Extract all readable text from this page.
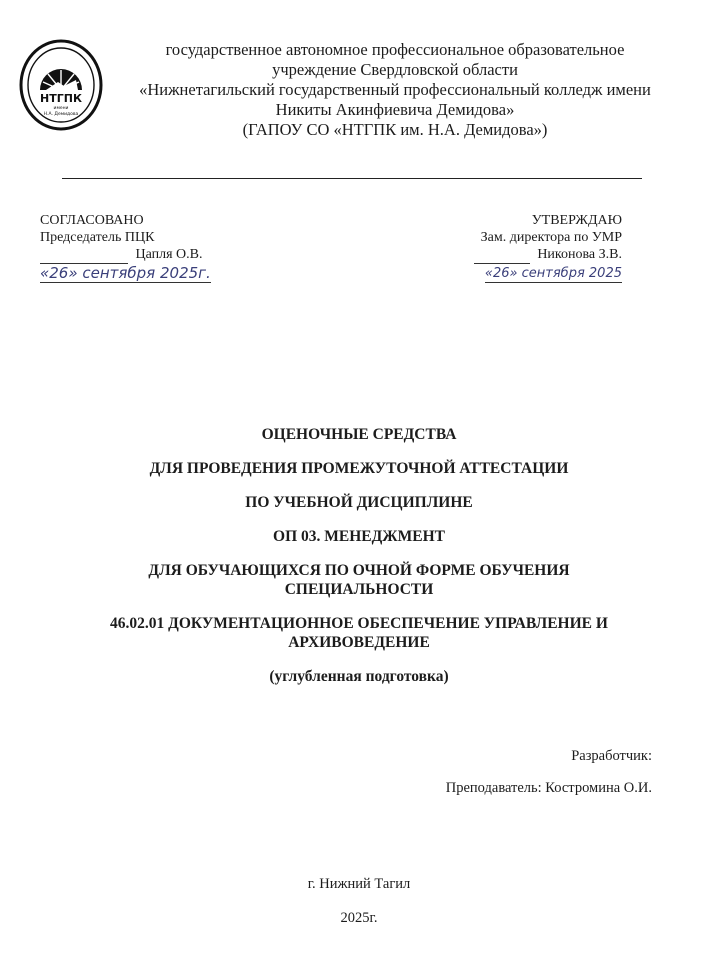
НТГПК
имени
Н.А. Демидова
государственное автономное профессиональное образовательное
учреждение Свердловской области
«Нижнетагильский государственный профессиональный колледж имени
Никиты Акинфиевича Демидова»
(ГАПОУ СО «НТГПК им. Н.А. Демидова»)
СОГЛАСОВАНО
Председатель ПЦК
Цапля О.В.
«26» сентября 2025г.
УТВЕРЖДАЮ
Зам. директора по УМР
Никонова З.В.
«26» сентября 2025
ОЦЕНОЧНЫЕ СРЕДСТВА
ДЛЯ ПРОВЕДЕНИЯ ПРОМЕЖУТОЧНОЙ АТТЕСТАЦИИ
ПО УЧЕБНОЙ ДИСЦИПЛИНЕ
ОП 03. МЕНЕДЖМЕНТ
ДЛЯ ОБУЧАЮЩИХСЯ ПО ОЧНОЙ ФОРМЕ ОБУЧЕНИЯ
СПЕЦИАЛЬНОСТИ
46.02.01 ДОКУМЕНТАЦИОННОЕ ОБЕСПЕЧЕНИЕ УПРАВЛЕНИЕ И
АРХИВОВЕДЕНИЕ
(углубленная подготовка)
Разработчик:
Преподаватель: Костромина О.И.
г. Нижний Тагил
2025г.
